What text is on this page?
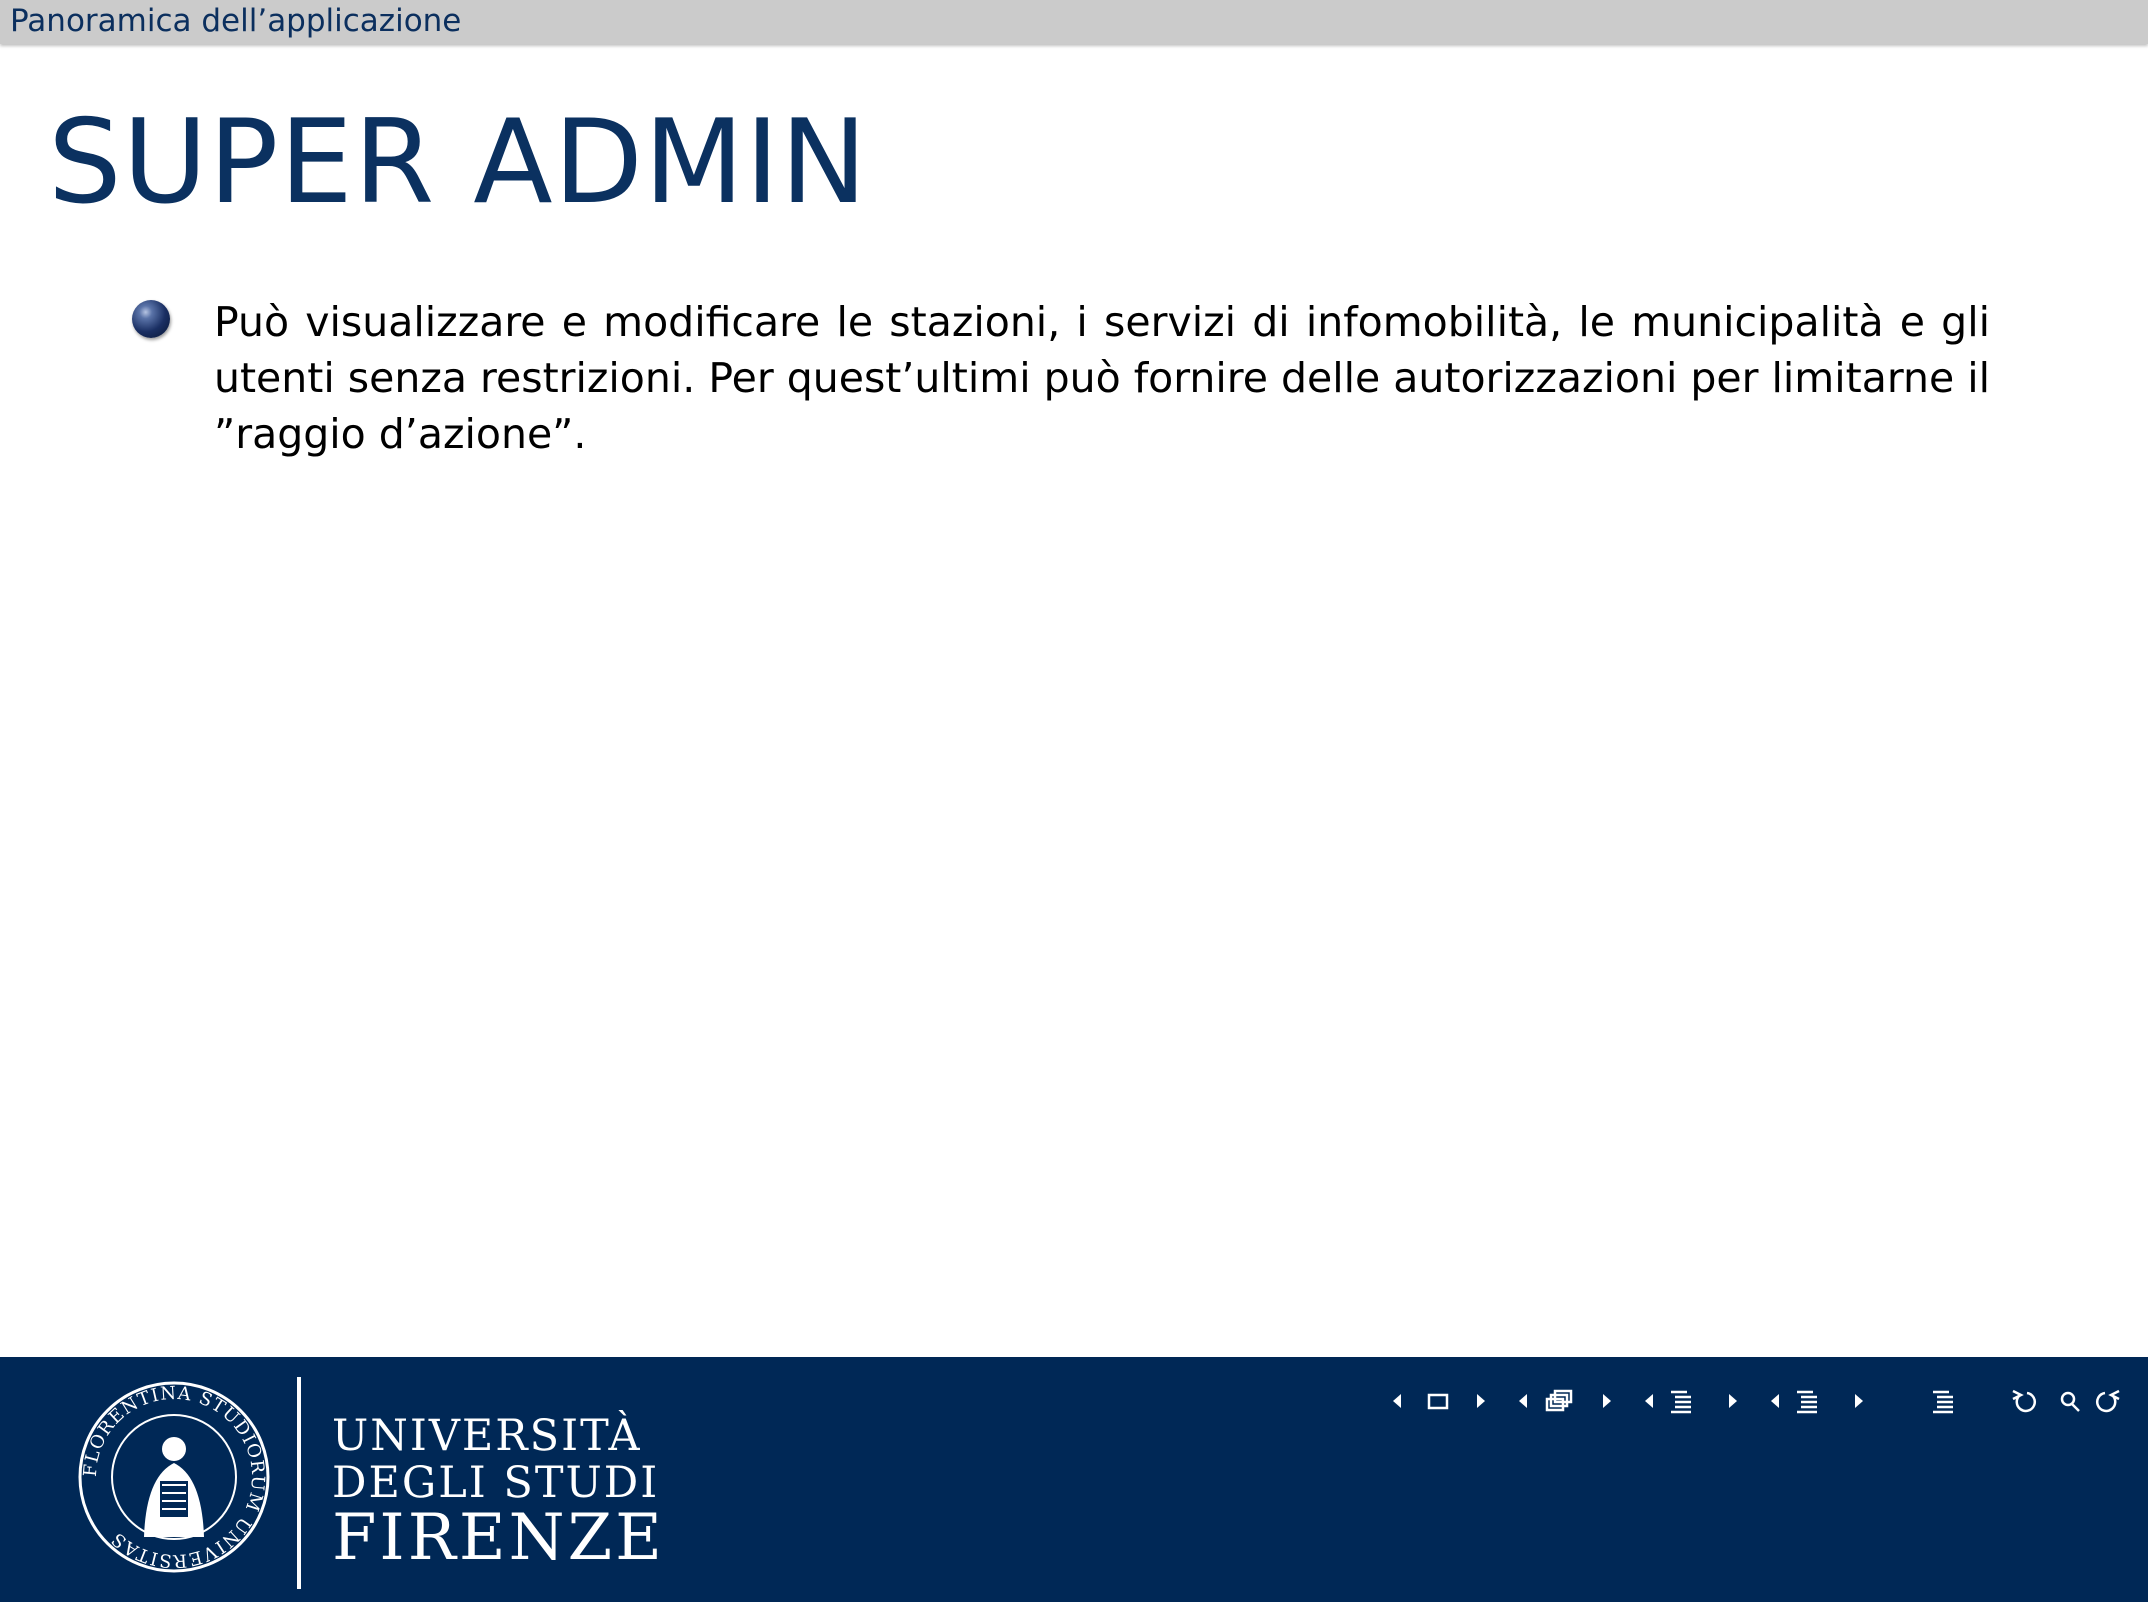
Panoramica dell’applicazione
SUPER ADMIN
Può visualizzare e modificare le stazioni, i servizi di infomobilità, le municipalità e gli utenti senza restrizioni. Per quest’ultimi può fornire delle autorizzazioni per limitarne il ”raggio d’azione”.
FLORENTINA STUDIORUM UNIVERSITAS
UNIVERSITÀ
DEGLI STUDI
FIRENZE
